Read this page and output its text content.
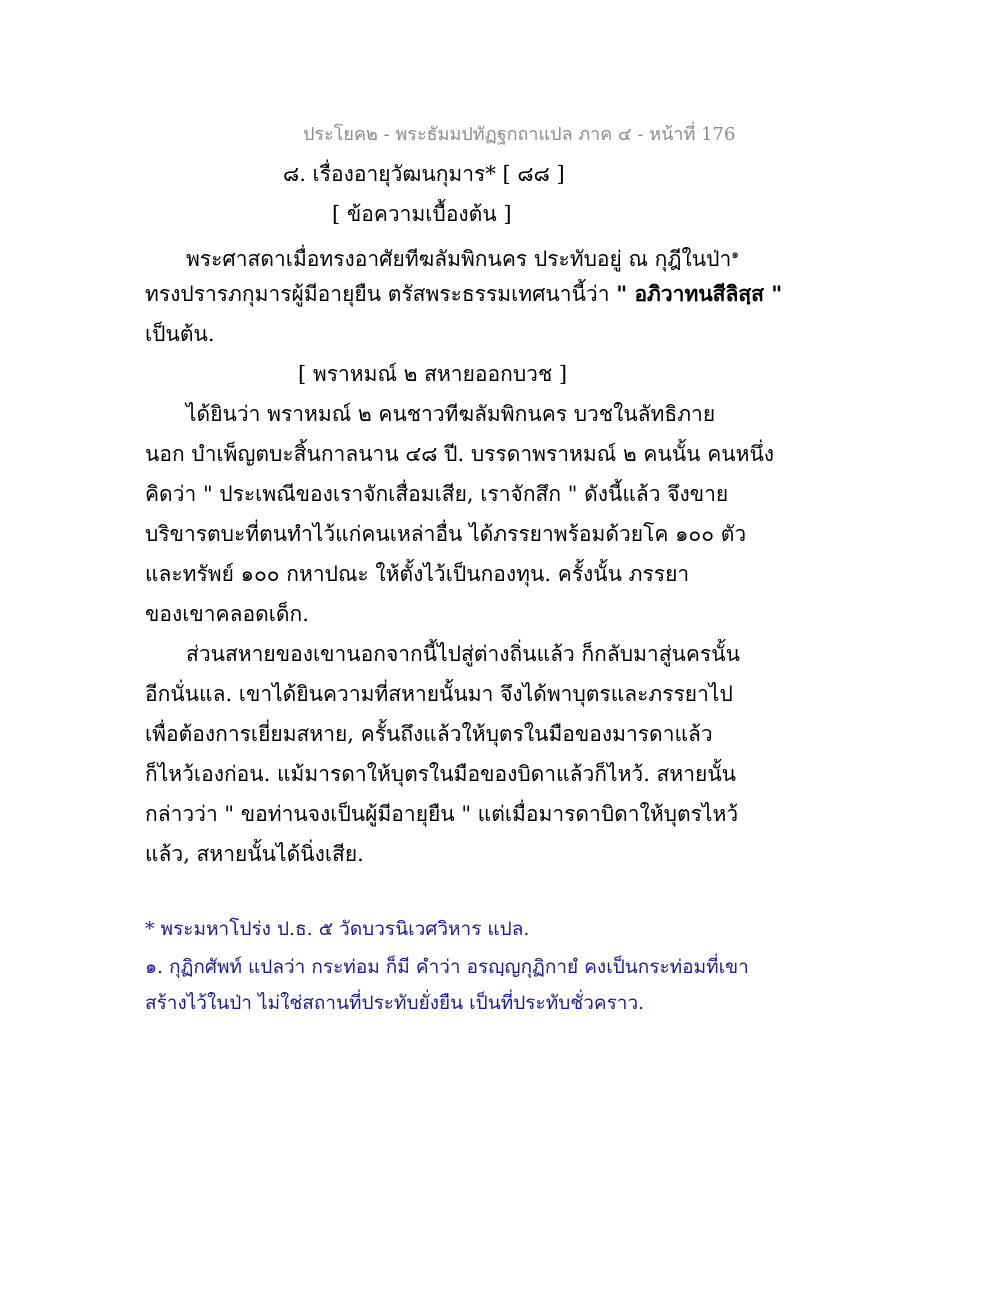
ประโยค๒ - พระธัมมปทัฏฐกถาแปล ภาค ๔ - หน้าที่ 176
๘. เรื่องอายุวัฒนกุมาร* [ ๘๘ ]
[ ข้อความเบื้องต้น ]
พระศาสดาเมื่อทรงอาศัยทีฆลัมพิกนคร ประทับอยู่ ณ กุฎีในป่า$^๑$
ทรงปรารภกุมารผู้มีอายุยืน ตรัสพระธรรมเทศนานี้ว่า " อภิวาทนสีลิสฺส "
เป็นต้น.
[ พราหมณ์ ๒ สหายออกบวช ]
ได้ยินว่า พราหมณ์ ๒ คนชาวทีฆลัมพิกนคร บวชในลัทธิภาย
นอก บำเพ็ญตบะสิ้นกาลนาน ๔๘ ปี. บรรดาพราหมณ์ ๒ คนนั้น คนหนึ่ง
คิดว่า " ประเพณีของเราจักเสื่อมเสีย, เราจักสึก " ดังนี้แล้ว จึงขาย
บริขารตบะที่ตนทำไว้แก่คนเหล่าอื่น ได้ภรรยาพร้อมด้วยโค ๑๐๐ ตัว
และทรัพย์ ๑๐๐ กหาปณะ ให้ตั้งไว้เป็นกองทุน. ครั้งนั้น ภรรยา
ของเขาคลอดเด็ก.
ส่วนสหายของเขานอกจากนี้ไปสู่ต่างถิ่นแล้ว ก็กลับมาสู่นครนั้น
อีกนั่นแล. เขาได้ยินความที่สหายนั้นมา จึงได้พาบุตรและภรรยาไป
เพื่อต้องการเยี่ยมสหาย, ครั้นถึงแล้วให้บุตรในมือของมารดาแล้ว
ก็ไหว้เองก่อน. แม้มารดาให้บุตรในมือของบิดาแล้วก็ไหว้. สหายนั้น
กล่าวว่า " ขอท่านจงเป็นผู้มีอายุยืน " แต่เมื่อมารดาบิดาให้บุตรไหว้
แล้ว, สหายนั้นได้นิ่งเสีย.
* พระมหาโปร่ง ป.ธ. ๕ วัดบวรนิเวศวิหาร แปล.
๑. กุฏิกศัพท์ แปลว่า กระท่อม ก็มี คำว่า อรญฺญกุฏิกายํ คงเป็นกระท่อมที่เขา
สร้างไว้ในป่า ไม่ใช่สถานที่ประทับยั่งยืน เป็นที่ประทับชั่วคราว.
